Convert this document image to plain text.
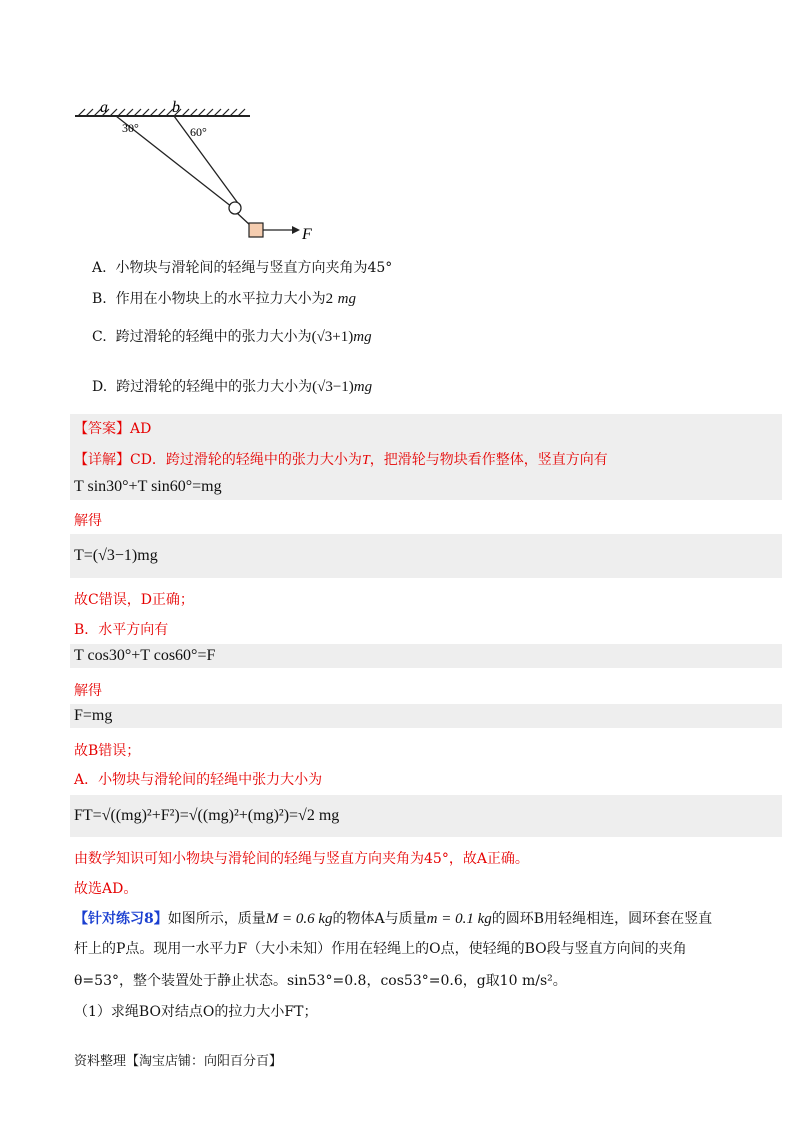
a	b
30°	60°
F
A. 小物块与滑轮间的轻绳与竖直方向夹角为45°
B. 作用在小物块上的水平拉力大小为2 mg
C. 跨过滑轮的轻绳中的张力大小为(√3+1)mg
D. 跨过滑轮的轻绳中的张力大小为(√3−1)mg
【答案】AD
【详解】CD．跨过滑轮的轻绳中的张力大小为T，把滑轮与物块看作整体，竖直方向有
T sin30°+T sin60°=mg
解得
T=(√3−1)mg
故C错误，D正确；
B．水平方向有
T cos30°+T cos60°=F
解得
F=mg
故B错误；
A．小物块与滑轮间的轻绳中张力大小为
FT=√((mg)²+F²)=√((mg)²+(mg)²)=√2 mg
由数学知识可知小物块与滑轮间的轻绳与竖直方向夹角为45°，故A正确。
故选AD。
【针对练习8】如图所示，质量M = 0.6 kg的物体A与质量m = 0.1 kg的圆环B用轻绳相连，圆环套在竖直
杆上的P点。现用一水平力F（大小未知）作用在轻绳上的O点，使轻绳的BO段与竖直方向间的夹角
θ=53°，整个装置处于静止状态。sin53°=0.8，cos53°=0.6，g取10 m/s²。
（1）求绳BO对结点O的拉力大小FT；
资料整理【淘宝店铺：向阳百分百】
